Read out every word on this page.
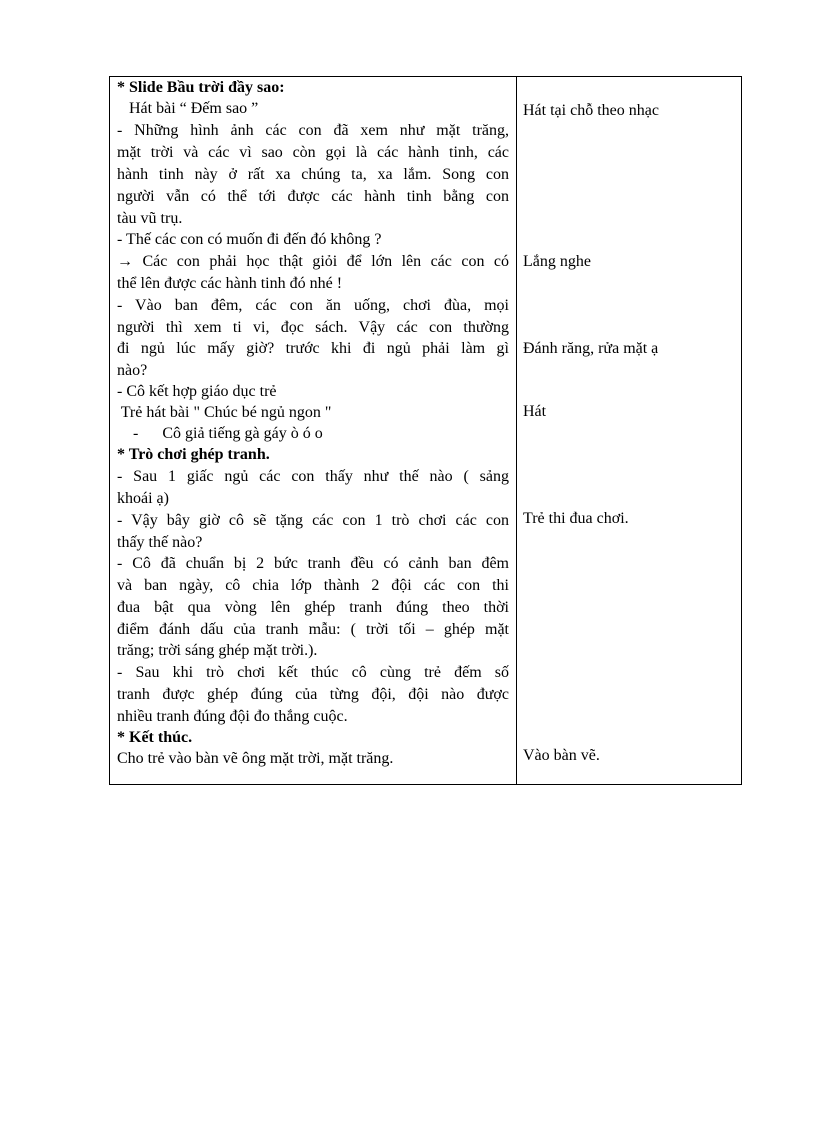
* Slide Bầu trời đầy sao:
Hát bài “ Đếm sao ”
- Những hình ảnh các con đã xem như mặt trăng,
mặt trời và các vì sao còn gọi là các hành tinh, các
hành tinh này ở rất xa chúng ta, xa lắm. Song con
người vẫn có thể tới được các hành tinh bằng con
tàu vũ trụ.
- Thế các con có muốn đi đến đó không ?
→ Các con phải học thật giỏi để lớn lên các con có
thể lên được các hành tinh đó nhé !
- Vào ban đêm, các con ăn uống, chơi đùa, mọi
người thì xem ti vi, đọc sách. Vậy các con thường
đi ngủ lúc mấy giờ? trước khi đi ngủ phải làm gì
nào?
- Cô kết hợp giáo dục trẻ
Trẻ hát bài " Chúc bé ngủ ngon "
-      Cô giả tiếng gà gáy ò ó o
* Trò chơi ghép tranh.
- Sau 1 giấc ngủ các con thấy như thế nào ( sảng
khoái ạ)
- Vậy bây giờ cô sẽ tặng các con 1 trò chơi các con
thấy thế nào?
- Cô đã chuẩn bị 2 bức tranh đều có cảnh ban đêm
và ban ngày, cô chia lớp thành 2 đội các con thi
đua bật qua vòng lên ghép tranh đúng theo thời
điểm đánh dấu của tranh mẫu: ( trời tối – ghép mặt
trăng; trời sáng ghép mặt trời.).
- Sau khi trò chơi kết thúc cô cùng trẻ đếm số
tranh được ghép đúng của từng đội, đội nào được
nhiều tranh đúng đội đo thắng cuộc.
* Kết thúc.
Cho trẻ vào bàn vẽ ông mặt trời, mặt trăng.
Hát tại chỗ theo nhạc
Lắng nghe
Đánh răng, rửa mặt ạ
Hát
Trẻ thi đua chơi.
Vào bàn vẽ.
